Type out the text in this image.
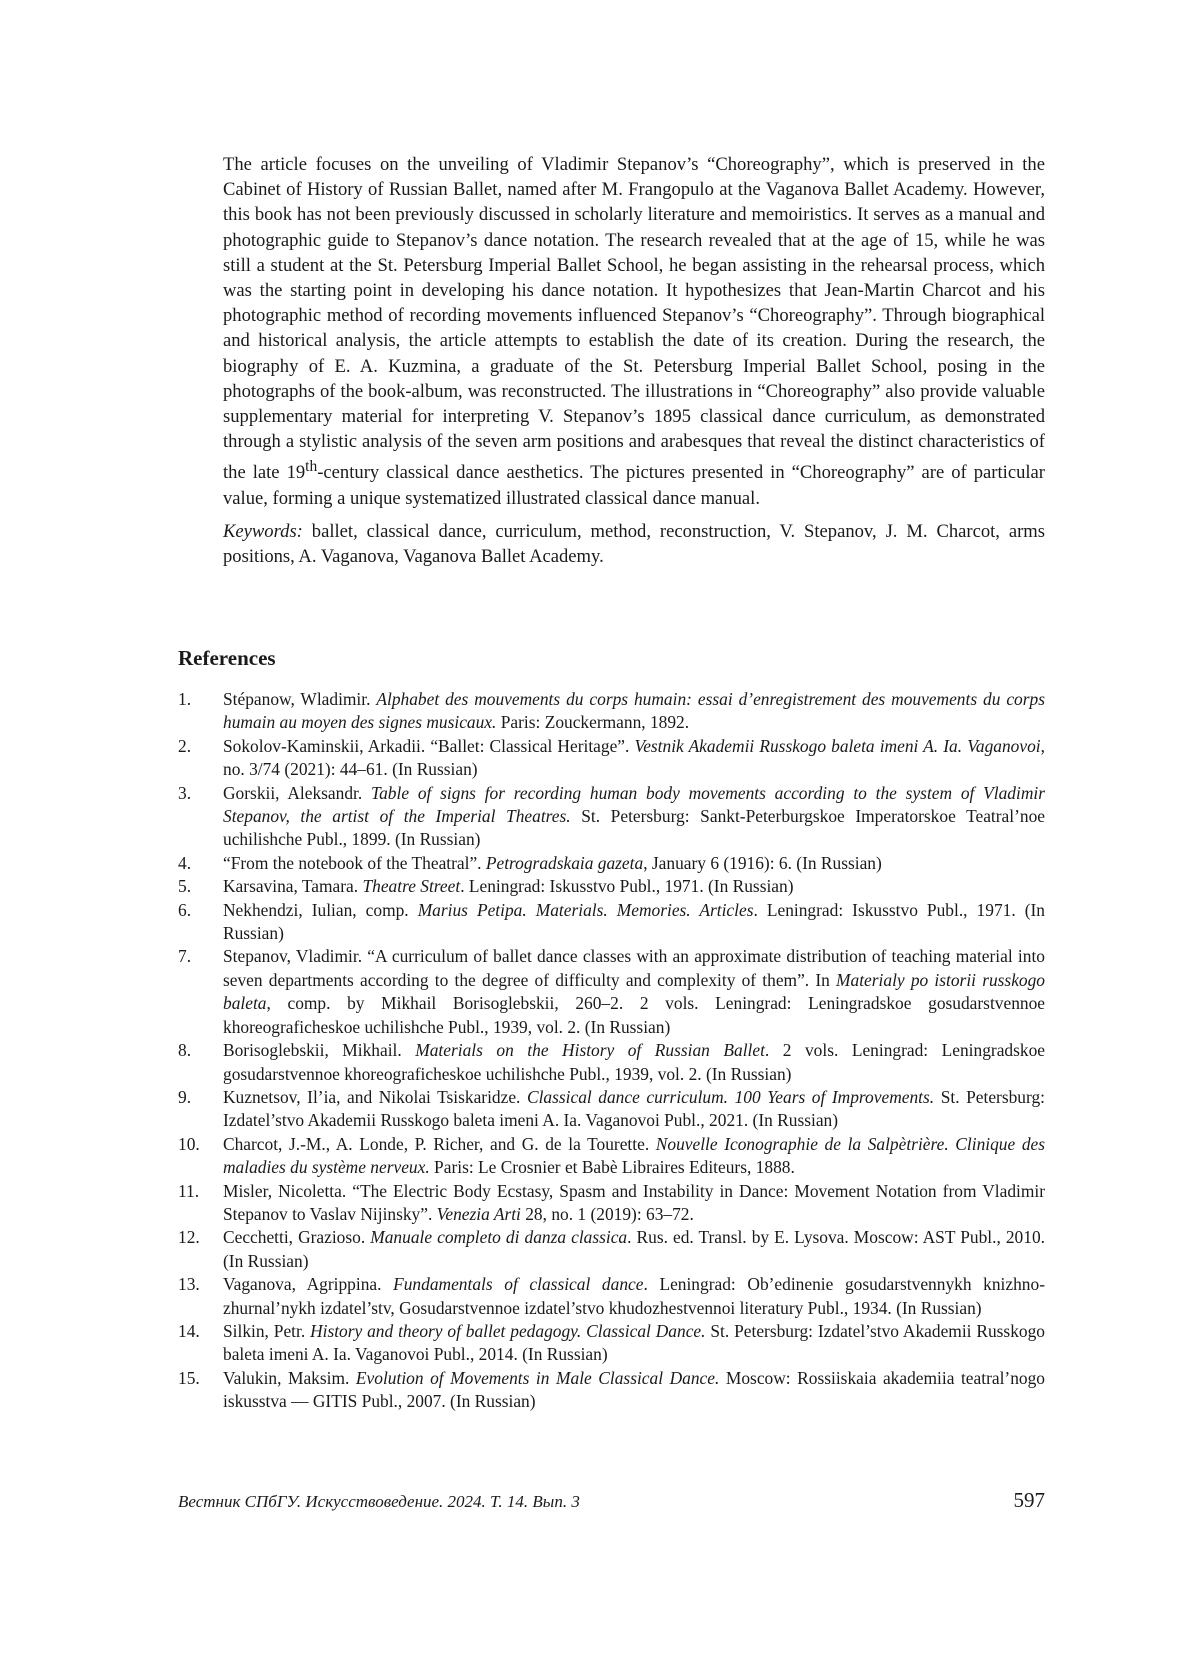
The article focuses on the unveiling of Vladimir Stepanov’s “Choreography”, which is preserved in the Cabinet of History of Russian Ballet, named after M. Frangopulo at the Vaganova Ballet Academy. However, this book has not been previously discussed in scholarly literature and memoiristics. It serves as a manual and photographic guide to Stepanov’s dance notation. The research revealed that at the age of 15, while he was still a student at the St. Petersburg Imperial Ballet School, he began assisting in the rehearsal process, which was the starting point in developing his dance notation. It hypothesizes that Jean-Martin Charcot and his photographic method of recording movements influenced Stepanov’s “Choreography”. Through biographical and historical analysis, the article attempts to establish the date of its creation. During the research, the biography of E. A. Kuzmina, a graduate of the St. Petersburg Imperial Ballet School, posing in the photographs of the book-album, was reconstructed. The illustrations in “Choreography” also provide valuable supplementary material for interpreting V. Stepanov’s 1895 classical dance curriculum, as demonstrated through a stylistic analysis of the seven arm positions and arabesques that reveal the distinct characteristics of the late 19th-century classical dance aesthetics. The pictures presented in “Choreography” are of particular value, forming a unique systematized illustrated classical dance manual.

Keywords: ballet, classical dance, curriculum, method, reconstruction, V. Stepanov, J. M. Charcot, arms positions, A. Vaganova, Vaganova Ballet Academy.

References
1.	Stépanow, Wladimir. Alphabet des mouvements du corps humain: essai d’enregistrement des mouvements du corps humain au moyen des signes musicaux. Paris: Zouckermann, 1892.
2.	Sokolov-Kaminskii, Arkadii. “Ballet: Classical Heritage”. Vestnik Akademii Russkogo baleta imeni A. Ia. Vaganovoi, no. 3/74 (2021): 44–61. (In Russian)
3.	Gorskii, Aleksandr. Table of signs for recording human body movements according to the system of Vladimir Stepanov, the artist of the Imperial Theatres. St. Petersburg: Sankt-Peterburgskoe Imperatorskoe Teatral’noe uchilishche Publ., 1899. (In Russian)
4.	“From the notebook of the Theatral”. Petrogradskaia gazeta, January 6 (1916): 6. (In Russian)
5.	Karsavina, Tamara. Theatre Street. Leningrad: Iskusstvo Publ., 1971. (In Russian)
6.	Nekhendzi, Iulian, comp. Marius Petipa. Materials. Memories. Articles. Leningrad: Iskusstvo Publ., 1971. (In Russian)
7.	Stepanov, Vladimir. “A curriculum of ballet dance classes with an approximate distribution of teaching material into seven departments according to the degree of difficulty and complexity of them”. In Materialy po istorii russkogo baleta, comp. by Mikhail Borisoglebskii, 260–2. 2 vols. Leningrad: Leningradskoe gosudarstvennoe khoreograficheskoe uchilishche Publ., 1939, vol. 2. (In Russian)
8.	Borisoglebskii, Mikhail. Materials on the History of Russian Ballet. 2 vols. Leningrad: Leningradskoe gosudarstvennoe khoreograficheskoe uchilishche Publ., 1939, vol. 2. (In Russian)
9.	Kuznetsov, Il’ia, and Nikolai Tsiskaridze. Classical dance curriculum. 100 Years of Improvements. St. Petersburg: Izdatel’stvo Akademii Russkogo baleta imeni A. Ia. Vaganovoi Publ., 2021. (In Russian)
10.	Charcot, J.-M., A. Londe, P. Richer, and G. de la Tourette. Nouvelle Iconographie de la Salpètrière. Clinique des maladies du système nerveux. Paris: Le Crosnier et Babè Libraires Editeurs, 1888.
11.	Misler, Nicoletta. “The Electric Body Ecstasy, Spasm and Instability in Dance: Movement Notation from Vladimir Stepanov to Vaslav Nijinsky”. Venezia Arti 28, no. 1 (2019): 63–72.
12.	Cecchetti, Grazioso. Manuale completo di danza classica. Rus. ed. Transl. by E. Lysova. Moscow: AST Publ., 2010. (In Russian)
13.	Vaganova, Agrippina. Fundamentals of classical dance. Leningrad: Ob’edinenie gosudarstvennykh knizhno-zhurnal’nykh izdatel’stv, Gosudarstvennoe izdatel’stvo khudozhestvennoi literatury Publ., 1934. (In Russian)
14.	Silkin, Petr. History and theory of ballet pedagogy. Classical Dance. St. Petersburg: Izdatel’stvo Akademii Russkogo baleta imeni A. Ia. Vaganovoi Publ., 2014. (In Russian)
15.	Valukin, Maksim. Evolution of Movements in Male Classical Dance. Moscow: Rossiiskaia akademiia teatral’nogo iskusstva — GITIS Publ., 2007. (In Russian)
Вестник СПбГУ. Искусствоведение. 2024. Т. 14. Вып. 3	597
